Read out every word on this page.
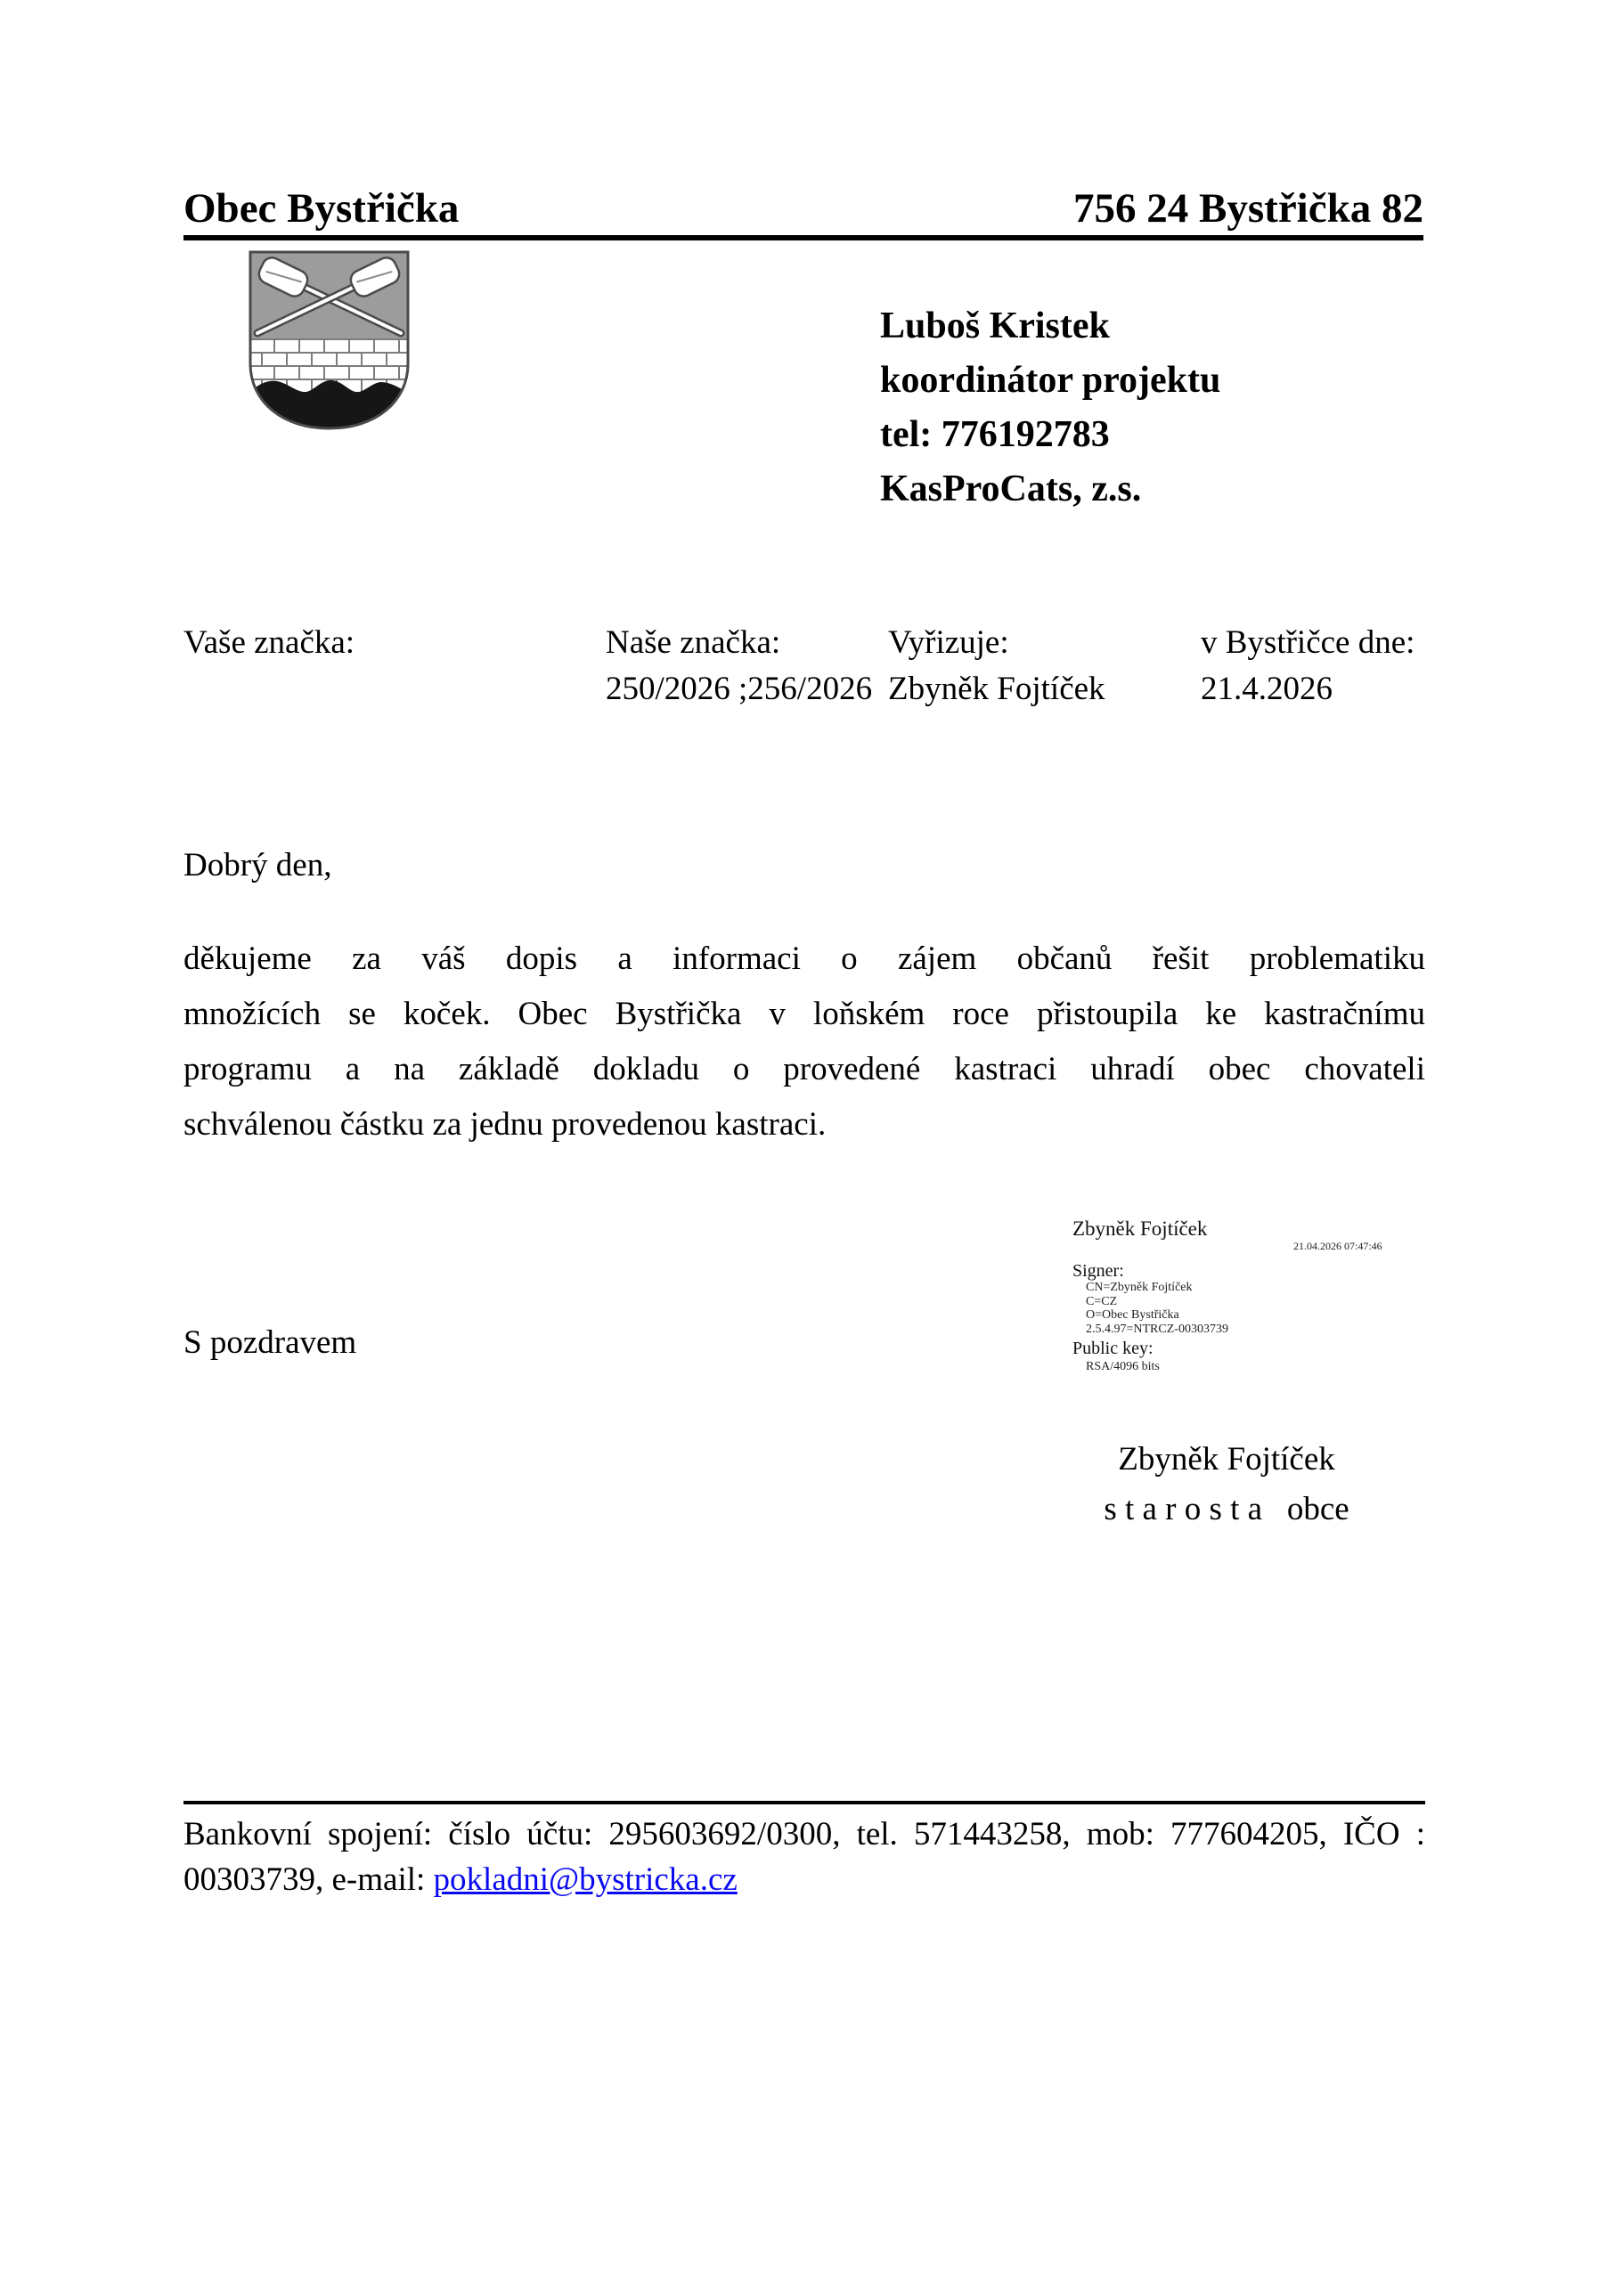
Obec Bystřička	756 24 Bystřička 82
Luboš Kristek
koordinátor projektu
tel: 776192783
KasProCats, z.s.
Vaše značka:	Naše značka:
250/2026 ;256/2026
Vyřizuje:
Zbyněk Fojtíček
v Bystřičce dne:
21.4.2026
Dobrý den,
děkujeme za váš dopis a informaci o zájem občanů řešit problematiku
množících se koček. Obec Bystřička v loňském roce přistoupila ke kastračnímu
programu a na základě dokladu o provedené kastraci uhradí obec chovateli
schválenou částku za jednu provedenou kastraci.
Zbyněk Fojtíček
21.04.2026 07:47:46
Signer:
CN=Zbyněk Fojtíček
C=CZ
O=Obec Bystřička
2.5.4.97=NTRCZ-00303739
Public key:
RSA/4096 bits
S pozdravem
Zbyněk Fojtíček
s t a r o s t a   obce
Bankovní spojení: číslo účtu: 295603692/0300, tel. 571443258, mob: 777604205, IČO :
00303739, e-mail: pokladni@bystricka.cz
